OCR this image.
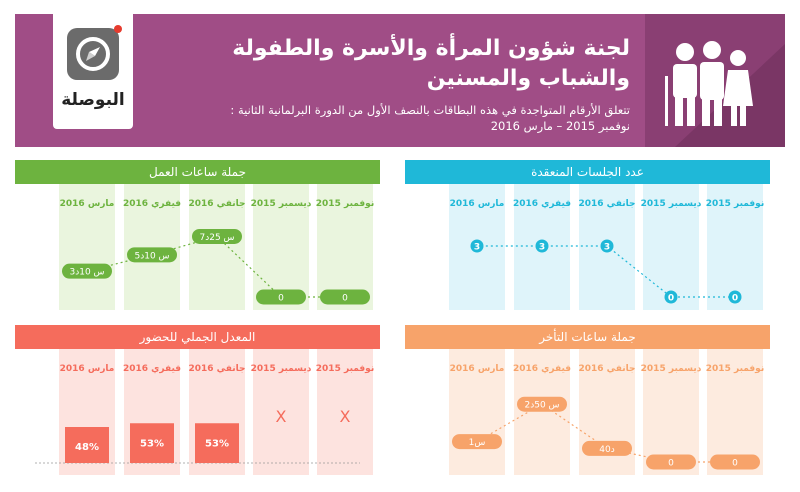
البوصلة
لجنة شؤون المرأة والأسرة والطفولة
والشباب والمسنين
تتعلق الأرقام المتواجدة في هذه البطاقات بالنصف الأول من الدورة البرلمانية الثانية :
نوفمبر 2015 – مارس 2016
جملة ساعات العمل
نوفمبر 2015
ديسمبر 2015
جانفي 2016
فيفري 2016
مارس 2016
0
0
7س 25د
5س 10د
3س 10د
عدد الجلسات المنعقدة
نوفمبر 2015
ديسمبر 2015
جانفي 2016
فيفري 2016
مارس 2016
0
0
3
3
3
المعدل الجملي للحضور
نوفمبر 2015
ديسمبر 2015
جانفي 2016
فيفري 2016
مارس 2016
X
X
53%
53%
48%
جملة ساعات التأخر
نوفمبر 2015
ديسمبر 2015
جانفي 2016
فيفري 2016
مارس 2016
0
0
40د
2س 50د
1س
